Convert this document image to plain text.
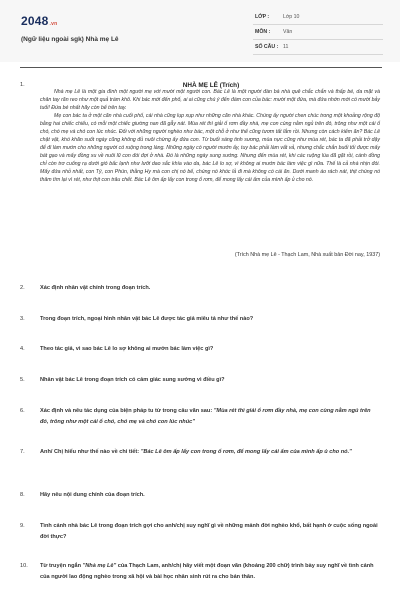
2048.vn
(Ngữ liệu ngoài sgk) Nhà mẹ Lê
LỚP :	Lớp 10
MÔN : Văn
SỐ CÂU : 11
1.	NHÀ MẸ LÊ (Trích)

Nhà mẹ Lê là một gia đình một người mẹ với mười một người con. Bác Lê là một người đàn bà nhà quê chắc chắn và thấp bé, da mặt và chân tay răn reo như một quả trám khô. Khi bác mới đến phố, ai ai cũng chú ý đến đám con của bác: mười một đứa, mà đứa nhớn mới có mười bảy tuổi! Đứa bé nhất hãy còn bế trên tay.

Mẹ con bác ta ở một căn nhà cuối phố, cái nhà cũng lụp xụp như những căn nhà khác. Chúng ấy người chen chúc trong một khoảng rộng độ bằng hai chiếc chiếu, có mỗi một chiếc giường nan đã gẫy nát. Mùa rét thì giải ổ rơm đầy nhà, mẹ con cùng nằm ngủ trên đó, trông như một cái ổ chó, chó mẹ và chó con lúc nhúc. Đối với những người nghèo như bác, một chỗ ở như thế cũng tươm tất lắm rồi. Nhưng còn cách kiếm ăn? Bác Lê chật vật, khó khăn suốt ngày cũng không đủ nuôi chừng ấy đứa con. Từ buổi sáng tinh sương, mùa nực cũng như mùa rét, bác ta đã phải trở dậy để đi làm mướn cho những người có ruộng trong làng. Những ngày có người mướn ấy, tuy bác phải làm vất vả, nhưng chắc chắn buổi tối được mấy bát gạo và mấy đồng xu về nuôi lũ con đói đợi ở nhà. Đó là những ngày sung sướng. Nhưng đến mùa rét, khi các ruộng lúa đã gặt rồi, cánh đồng chỉ còn trơ cuống rạ dưới gió bấc lạnh như lưỡi dao sắc khía vào da, bác Lê lo sợ, vì không ai mướn bác làm việc gì nữa. Thế là cả nhà nhịn đói. Mấy đứa nhỏ nhất, con Tý, con Phún, thằng Hy mà con chị nó bế, chúng nó khóc lả đi mà không có cái ăn. Dưới manh áo rách nát, thịt chúng nó thâm tím lại vì rét, như thịt con trâu chết. Bác Lê ôm ấp lấy con trong ổ rơm, để mong lấy cái ấm của mình ấp ủ cho nó.

(Trích Nhà mẹ Lê - Thạch Lam, Nhà xuất bản Đời nay, 1937)
2.	Xác định nhân vật chính trong đoạn trích.
3.	Trong đoạn trích, ngoại hình nhân vật bác Lê được tác giả miêu tả như thế nào?
4.	Theo tác giả, vì sao bác Lê lo sợ không ai mướn bác làm việc gì?
5.	Nhân vật bác Lê trong đoạn trích có cảm giác sung sướng vì điều gì?
6.	Xác định và nêu tác dụng của biện pháp tu từ trong câu văn sau: "Mùa rét thì giải ổ rơm đầy nhà, mẹ con cùng nằm ngủ trên đó, trông như một cái ổ chó, chó mẹ và chó con lúc nhúc"
7.	Anh/ Chị hiểu như thế nào về chi tiết: "Bác Lê ôm ấp lấy con trong ổ rơm, để mong lấy cái ấm của mình ấp ủ cho nó."
8.	Hãy nêu nội dung chính của đoạn trích.
9.	Tình cảnh nhà bác Lê trong đoạn trích gợi cho anh/chị suy nghĩ gì về những mảnh đời nghèo khổ, bất hạnh ở cuộc sống ngoài đời thực?
10. Từ truyện ngắn "Nhà mẹ Lê" của Thạch Lam, anh/chị hãy viết một đoạn văn (khoảng 200 chữ) trình bày suy nghĩ về tình cảnh của người lao động nghèo trong xã hội và bài học nhân sinh rút ra cho bản thân.
